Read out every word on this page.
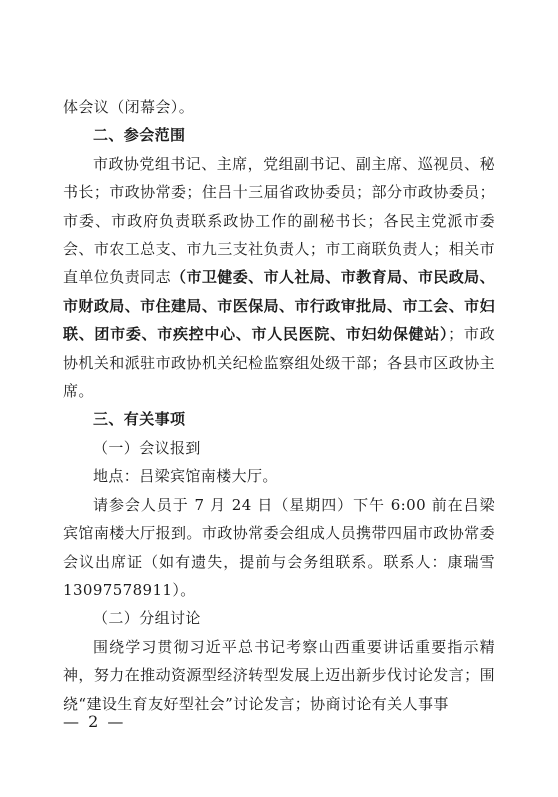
体会议（闭幕会）。

二、参会范围

市政协党组书记、主席，党组副书记、副主席、巡视员、秘书长；市政协常委；住吕十三届省政协委员；部分市政协委员；市委、市政府负责联系政协工作的副秘书长；各民主党派市委会、市农工总支、市九三支社负责人；市工商联负责人；相关市直单位负责同志（市卫健委、市人社局、市教育局、市民政局、市财政局、市住建局、市医保局、市行政审批局、市工会、市妇联、团市委、市疾控中心、市人民医院、市妇幼保健站）；市政协机关和派驻市政协机关纪检监察组处级干部；各县市区政协主席。

三、有关事项

（一）会议报到

地点：吕梁宾馆南楼大厅。

请参会人员于 7 月 24 日（星期四）下午 6:00 前在吕梁宾馆南楼大厅报到。市政协常委会组成人员携带四届市政协常委会议出席证（如有遗失，提前与会务组联系。联系人：康瑞雪　13097578911）。

（二）分组讨论

围绕学习贯彻习近平总书记考察山西重要讲话重要指示精神，努力在推动资源型经济转型发展上迈出新步伐讨论发言；围绕“建设生育友好型社会”讨论发言；协商讨论有关人事事

— 2 —
